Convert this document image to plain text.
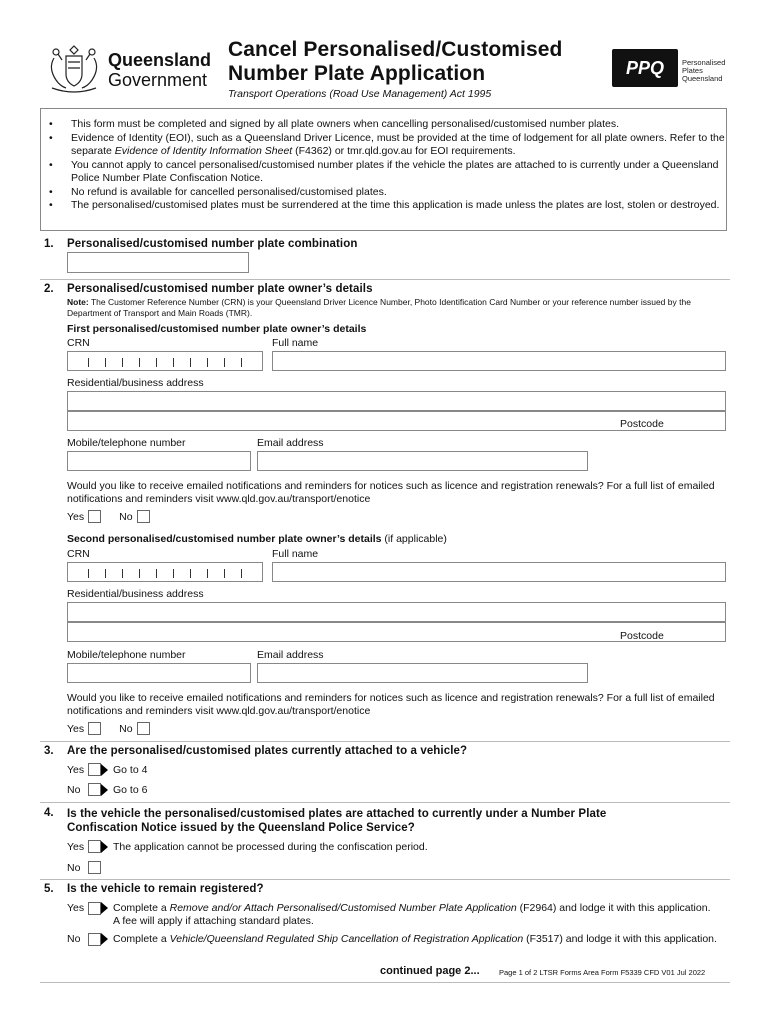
Queensland
Government
Cancel Personalised/Customised
Number Plate Application
Transport Operations (Road Use Management) Act 1995
PPQ Personalised
Plates
Queensland
• This form must be completed and signed by all plate owners when cancelling personalised/customised number plates.
• Evidence of Identity (EOI), such as a Queensland Driver Licence, must be provided at the time of lodgement for all plate owners. Refer to the separate Evidence of Identity Information Sheet (F4362) or tmr.qld.gov.au for EOI requirements.
• You cannot apply to cancel personalised/customised number plates if the vehicle the plates are attached to is currently under a Queensland Police Number Plate Confiscation Notice.
• No refund is available for cancelled personalised/customised plates.
• The personalised/customised plates must be surrendered at the time this application is made unless the plates are lost, stolen or destroyed.
1. Personalised/customised number plate combination
2. Personalised/customised number plate owner’s details
Note: The Customer Reference Number (CRN) is your Queensland Driver Licence Number, Photo Identification Card Number or your reference number issued by the Department of Transport and Main Roads (TMR).
First personalised/customised number plate owner’s details
CRN	Full name
Residential/business address
Postcode
Mobile/telephone number	Email address
Would you like to receive emailed notifications and reminders for notices such as licence and registration renewals? For a full list of emailed notifications and reminders visit www.qld.gov.au/transport/enotice
Yes	No
Second personalised/customised number plate owner’s details (if applicable)
CRN	Full name
Residential/business address
Postcode
Mobile/telephone number	Email address
Would you like to receive emailed notifications and reminders for notices such as licence and registration renewals? For a full list of emailed notifications and reminders visit www.qld.gov.au/transport/enotice
Yes	No
3. Are the personalised/customised plates currently attached to a vehicle?
Yes	Go to 4
No	Go to 6
4. Is the vehicle the personalised/customised plates are attached to currently under a Number Plate
Confiscation Notice issued by the Queensland Police Service?
Yes	The application cannot be processed during the confiscation period.
No
5. Is the vehicle to remain registered?
Yes	Complete a Remove and/or Attach Personalised/Customised Number Plate Application (F2964) and lodge it with this application. A fee will apply if attaching standard plates.
No	Complete a Vehicle/Queensland Regulated Ship Cancellation of Registration Application (F3517) and lodge it with this application.
continued page 2...	Page 1 of 2 LTSR Forms Area Form F5339 CFD V01 Jul 2022
